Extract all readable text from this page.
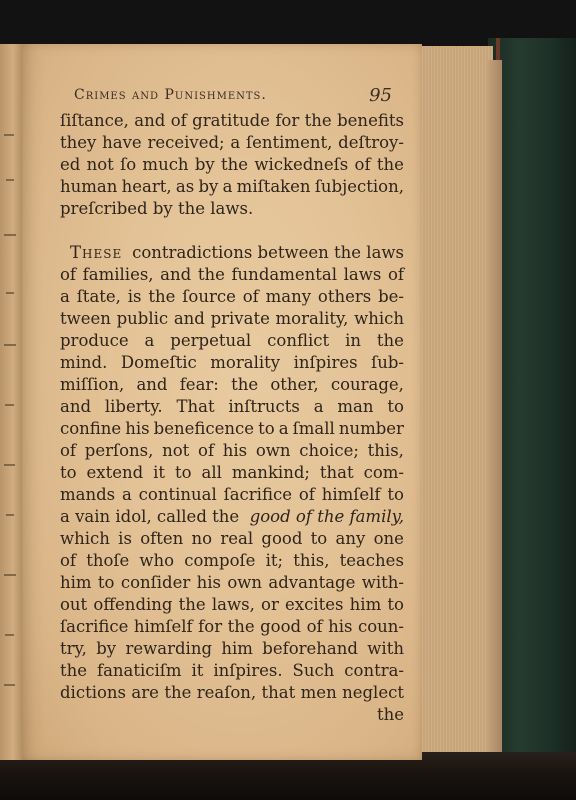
Crimes and Punishments.	95
ſiſtance, and of gratitude for the benefits
they have received; a ſentiment, deſtroy-
ed not ſo much by the wickedneſs of the
human heart, as by a miſtaken ſubjection,
preſcribed by the laws.
These contradictions between the laws
of families, and the fundamental laws of
a ſtate, is the ſource of many others be-
tween public and private morality, which
produce a perpetual conflict in the
mind. Domeſtic morality inſpires ſub-
miſſion, and fear: the other, courage,
and liberty. That inſtructs a man to
confine his beneficence to a ſmall number
of perſons, not of his own choice; this,
to extend it to all mankind; that com-
mands a continual ſacrifice of himſelf to
a vain idol, called the good of the family,
which is often no real good to any one
of thoſe who compoſe it; this, teaches
him to conſider his own advantage with-
out offending the laws, or excites him to
ſacrifice himſelf for the good of his coun-
try, by rewarding him beforehand with
the fanaticiſm it inſpires. Such contra-
dictions are the reaſon, that men neglect
the
